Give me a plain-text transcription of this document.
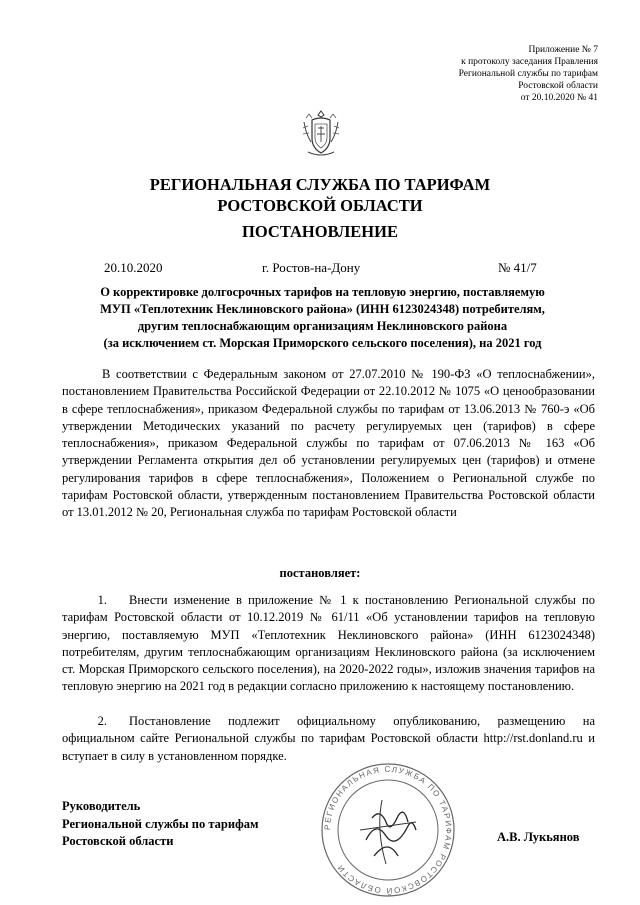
Приложение № 7
к протоколу заседания Правления
Региональной службы по тарифам
Ростовской области
от 20.10.2020 № 41
РЕГИОНАЛЬНАЯ СЛУЖБА ПО ТАРИФАМ
РОСТОВСКОЙ ОБЛАСТИ
ПОСТАНОВЛЕНИЕ
20.10.2020	г. Ростов-на-Дону	№ 41/7
О корректировке долгосрочных тарифов на тепловую энергию, поставляемую
МУП «Теплотехник Неклиновского района» (ИНН 6123024348) потребителям,
другим теплоснабжающим организациям Неклиновского района
(за исключением ст. Морская Приморского сельского поселения), на 2021 год

В соответствии с Федеральным законом от 27.07.2010 № 190-ФЗ «О теплоснабжении», постановлением Правительства Российской Федерации от 22.10.2012 № 1075 «О ценообразовании в сфере теплоснабжения», приказом Федеральной службы по тарифам от 13.06.2013 № 760-э «Об утверждении Методических указаний по расчету регулируемых цен (тарифов) в сфере теплоснабжения», приказом Федеральной службы по тарифам от 07.06.2013 № 163 «Об утверждении Регламента открытия дел об установлении регулируемых цен (тарифов) и отмене регулирования тарифов в сфере теплоснабжения», Положением о Региональной службе по тарифам Ростовской области, утвержденным постановлением Правительства Ростовской области от 13.01.2012 № 20, Региональная служба по тарифам Ростовской области

постановляет:
1. Внести изменение в приложение № 1 к постановлению Региональной службы по тарифам Ростовской области от 10.12.2019 № 61/11 «Об установлении тарифов на тепловую энергию, поставляемую МУП «Теплотехник Неклиновского района» (ИНН 6123024348) потребителям, другим теплоснабжающим организациям Неклиновского района (за исключением ст. Морская Приморского сельского поселения), на 2020-2022 годы», изложив значения тарифов на тепловую энергию на 2021 год в редакции согласно приложению к настоящему постановлению.
2. Постановление подлежит официальному опубликованию, размещению на официальном сайте Региональной службы по тарифам Ростовской области http://rst.donland.ru и вступает в силу в установленном порядке.
РЕГИОНАЛЬНАЯ СЛУЖБА ПО ТАРИФАМ РОСТОВСКОЙ ОБЛАСТИ
Руководитель
Региональной службы по тарифам
Ростовской области	А.В. Лукьянов
